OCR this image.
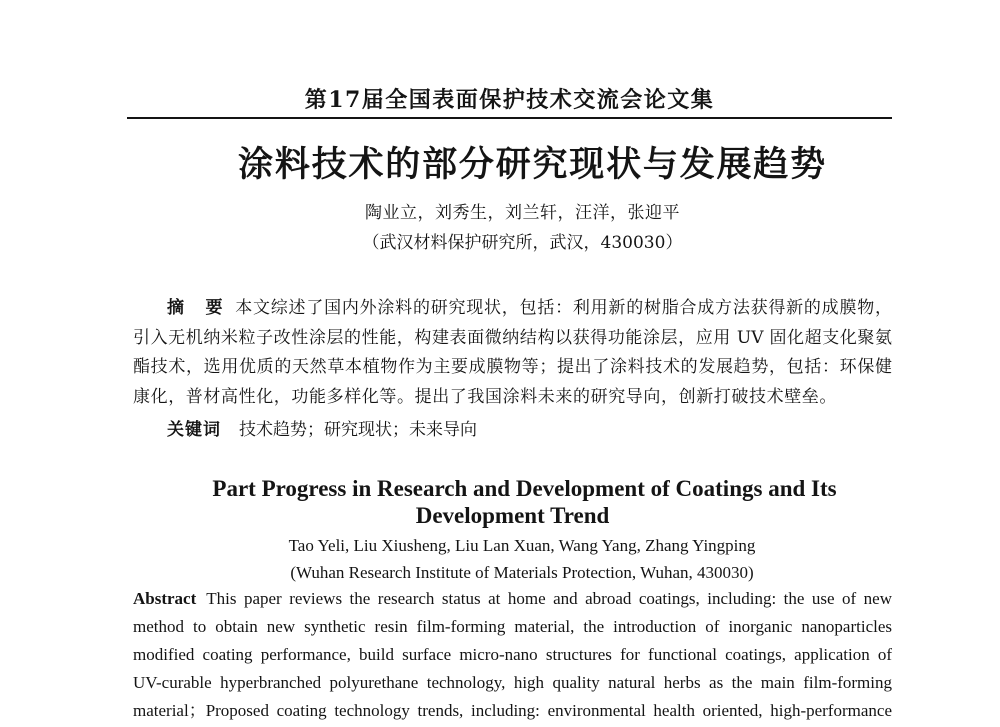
第17届全国表面保护技术交流会论文集
涂料技术的部分研究现状与发展趋势
陶业立，刘秀生，刘兰轩，汪洋，张迎平
（武汉材料保护研究所，武汉，430030）
摘 要 本文综述了国内外涂料的研究现状，包括：利用新的树脂合成方法获得新的成膜物，
引入无机纳米粒子改性涂层的性能，构建表面微纳结构以获得功能涂层，应用 UV 固化超支化聚氨
酯技术，选用优质的天然草本植物作为主要成膜物等；提出了涂料技术的发展趋势，包括：环保健
康化，普材高性化，功能多样化等。提出了我国涂料未来的研究导向，创新打破技术壁垒。
关键词 技术趋势；研究现状；未来导向
Part Progress in Research and Development of Coatings and Its
Development Trend
Tao Yeli, Liu Xiusheng, Liu Lan Xuan, Wang Yang, Zhang Yingping
(Wuhan Research Institute of Materials Protection, Wuhan, 430030)
Abstract This paper reviews the research status at home and abroad coatings, including: the use of new
method to obtain new synthetic resin film-forming material, the introduction of inorganic nanoparticles
modified coating performance, build surface micro-nano structures for functional coatings, application of
UV-curable hyperbranched polyurethane technology, high quality natural herbs as the main film-forming
material；Proposed coating technology trends, including: environmental health oriented, high-performance
